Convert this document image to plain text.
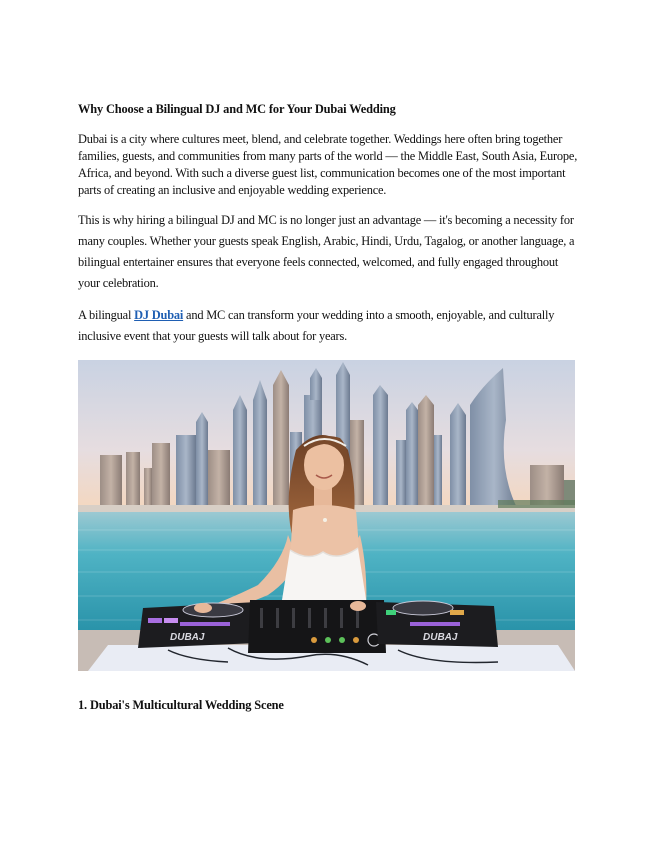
Why Choose a Bilingual DJ and MC for Your Dubai Wedding

Dubai is a city where cultures meet, blend, and celebrate together. Weddings here often bring together families, guests, and communities from many parts of the world — the Middle East, South Asia, Europe, Africa, and beyond. With such a diverse guest list, communication becomes one of the most important parts of creating an inclusive and enjoyable wedding experience.

This is why hiring a bilingual DJ and MC is no longer just an advantage — it's becoming a necessity for many couples. Whether your guests speak English, Arabic, Hindi, Urdu, Tagalog, or another language, a bilingual entertainer ensures that everyone feels connected, welcomed, and fully engaged throughout your celebration.

A bilingual DJ Dubai and MC can transform your wedding into a smooth, enjoyable, and culturally inclusive event that your guests will talk about for years.

DUBAJ	DUBAJ
1. Dubai's Multicultural Wedding Scene
